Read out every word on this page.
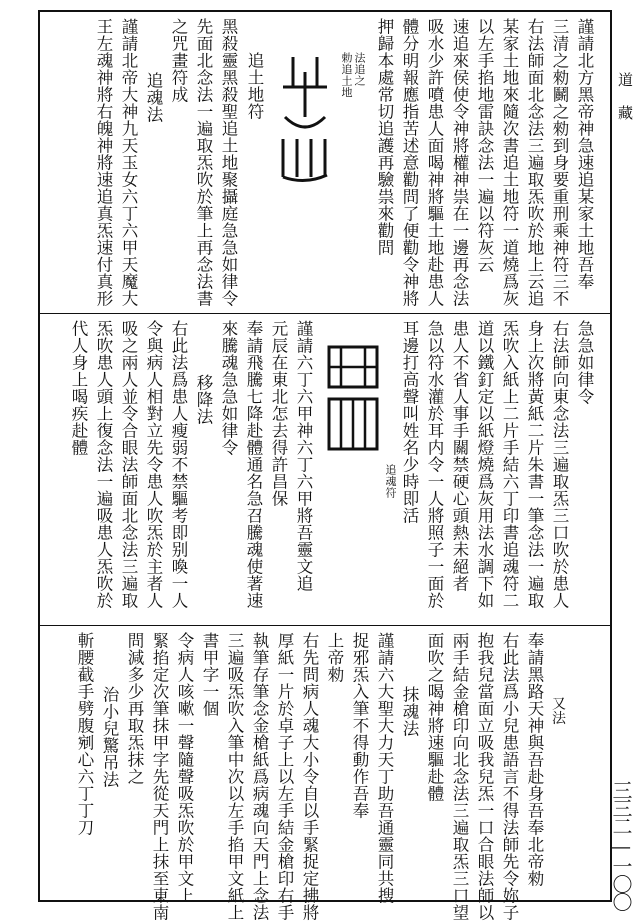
謹請北方黑帝神急速追某家土地吾奉
三清之勑鬭之勑到身要重刑乘神符三不
右法師面北念法三遍取炁吹於地上云追
某家土地來隨次書追土地符一道燒爲灰
以左手掐地雷訣念法一遍以符灰云
速追來侯使令神將權神祟在一邊再念法
吸水少許噴患人面喝神將驅土地赴患人
體分明報應指苦述意勸問了便勸令神將
押歸本處常切追護再驗祟來勸問
法追之
勅追土地
追土地符
黑殺靈黑殺聖追土地聚攝庭急急如律令
先面北念法一遍取炁吹於筆上再念法書
之咒畫符成
追魂法
謹請北帝大神九天玉女六丁六甲天魔大
王左魂神將右魄神將速追真炁速付真形
急急如律令
右法師向東念法三遍取炁三口吹於患人
身上次將黃紙二片朱書一筆念法一遍取
炁吹入紙上二片手結六丁印書追魂符二
道以鐵釘定以紙燈燒爲灰用法水調下如
患人不省人事手關禁硬心頭熱未絕者
急以符水灌於耳内令一人將照子一面於
耳邊打高聲叫姓名少時即活
追魂符
謹請六丁六甲神六丁六甲將吾靈文追
元辰在東北怎去得許昌保
奉請飛騰七降赴體通名急召騰魂使著速
來騰魂急急如律令
移降法
右此法爲患人瘦弱不禁驅考即别喚一人
令與病人相對立先令患人吹炁於主者人
吸之兩人並令合眼法師面北念法三遍取
炁吹患人頭上復念法一遍吸患人炁吹於
代人身上喝疾赴體
又法
奉請黑路天神與吾赴身吾奉北帝勑
右此法爲小兒患語言不得法師先令妳子
抱我兒當面立吸我兒炁一口合眼法師以
兩手結金槍印向北念法三遍取炁三口望
面吹之喝神將速驅赴體
抹魂法
謹請六大聖大力天丁助吾通靈同共搜
捉邪炁入筆不得動作吾奉
上帝勑
右先問病人魂大小令自以手緊捉定拂將
厚紙一片於卓子上以左手結金槍印右手
執筆存筆念金槍紙爲病魂向天門上念法
三遍吸炁吹入筆中次以左手掐甲文紙上
書甲字一個
令病人咳嗽一聲隨聲吸炁吹於甲文上
緊掐定次筆抹甲字先從天門上抹至東南
問減多少再取炁抹之
治小兒驚吊法
斬腰截手劈腹剜心六丁丁刀
道藏
三三二—一〇〇
